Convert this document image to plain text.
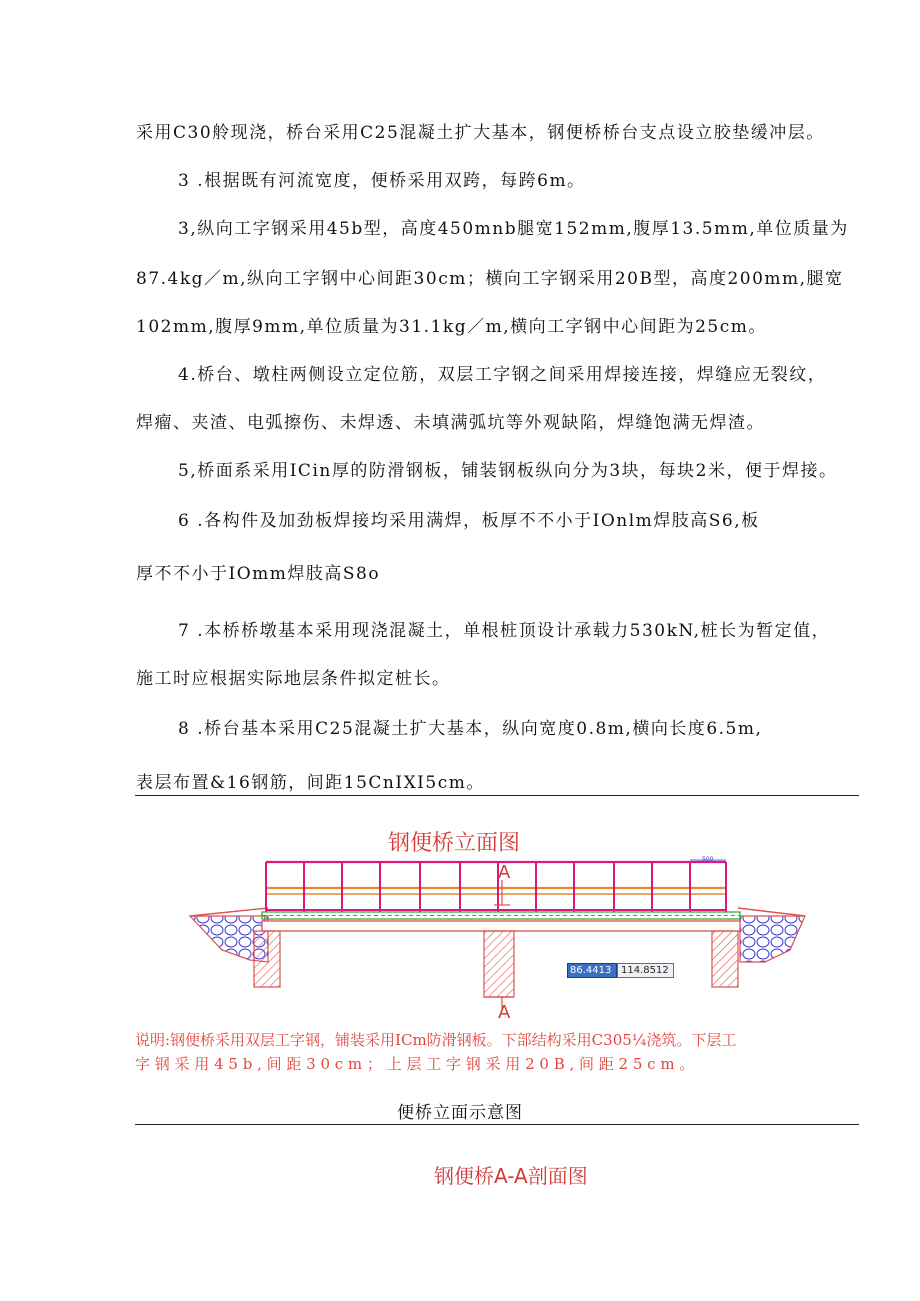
采用C30舲现浇，桥台采用C25混凝土扩大基本，钢便桥桥台支点设立胶垫缓冲层。
3 .根据既有河流宽度，便桥采用双跨，每跨6m。
3,纵向工字钢采用45b型，高度450mnb腿宽152mm,腹厚13.5mm,单位质量为
87.4kg／m,纵向工字钢中心间距30cm；横向工字钢采用20B型，高度200mm,腿宽
102mm,腹厚9mm,单位质量为31.1kg／m,横向工字钢中心间距为25cm。
4.桥台、墩柱两侧设立定位筋，双层工字钢之间采用焊接连接，焊缝应无裂纹，
焊瘤、夹渣、电弧擦伤、未焊透、未填满弧坑等外观缺陷，焊缝饱满无焊渣。
5,桥面系采用ICin厚的防滑钢板，铺装钢板纵向分为3块，每块2米，便于焊接。
6 .各构件及加劲板焊接均采用满焊，板厚不不小于IOnlm焊肢高S6,板
厚不不小于IOmm焊肢高S8o
7 .本桥桥墩基本采用现浇混凝土，单根桩顶设计承载力530kN,桩长为暂定值，
施工时应根据实际地层条件拟定桩长。
8 .桥台基本采用C25混凝土扩大基本，纵向宽度0.8m,横向长度6.5m,
表层布置&16钢筋，间距15CnIXI5cm。
钢便桥立面图
A
A
500
86.4413 114.8512
说明:钢便桥采用双层工字钢，铺装采用ICm防滑钢板。下部结构采用C305¼浇筑。下层工
字 钢 采 用 4 5 b , 间 距 3 0 c m ； 上 层 工 字 钢 采 用 2 0 B , 间 距 2 5 c m 。
便桥立面示意图
钢便桥A-A剖面图
